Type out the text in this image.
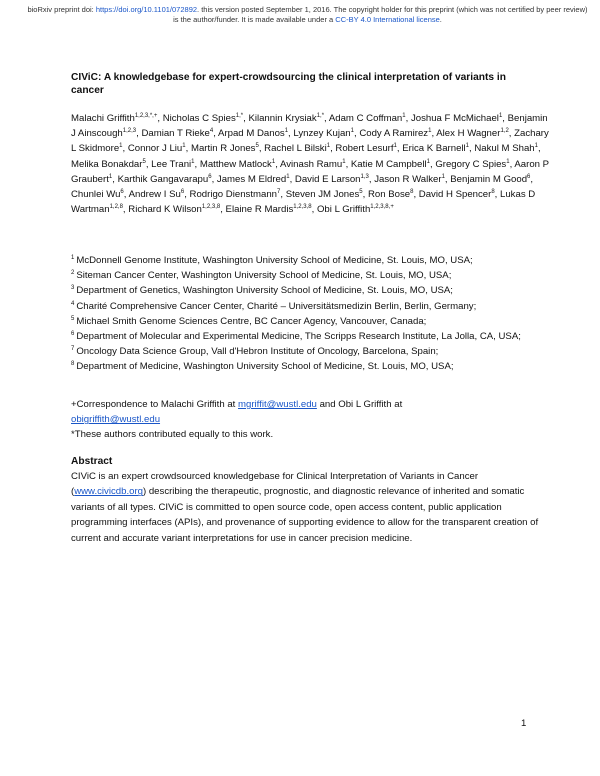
bioRxiv preprint doi: https://doi.org/10.1101/072892. this version posted September 1, 2016. The copyright holder for this preprint (which was not certified by peer review) is the author/funder. It is made available under a CC-BY 4.0 International license.
CIViC: A knowledgebase for expert-crowdsourcing the clinical interpretation of variants in cancer
Malachi Griffith$^{1,2,3,*,+}$, Nicholas C Spies$^{1,*}$, Kilannin Krysiak$^{1,*}$, Adam C Coffman$^1$, Joshua F McMichael$^1$, Benjamin J Ainscough$^{1,2,3}$, Damian T Rieke$^4$, Arpad M Danos$^1$, Lynzey Kujan$^1$, Cody A Ramirez$^1$, Alex H Wagner$^{1,2}$, Zachary L Skidmore$^1$, Connor J Liu$^1$, Martin R Jones$^5$, Rachel L Bilski$^1$, Robert Lesurf$^1$, Erica K Barnell$^1$, Nakul M Shah$^1$, Melika Bonakdar$^5$, Lee Trani$^1$, Matthew Matlock$^1$, Avinash Ramu$^1$, Katie M Campbell$^1$, Gregory C Spies$^1$, Aaron P Graubert$^1$, Karthik Gangavarapu$^6$, James M Eldred$^1$, David E Larson$^{1,3}$, Jason R Walker$^1$, Benjamin M Good$^6$, Chunlei Wu$^6$, Andrew I Su$^6$, Rodrigo Dienstmann$^7$, Steven JM Jones$^5$, Ron Bose$^8$, David H Spencer$^8$, Lukas D Wartman$^{1,2,8}$, Richard K Wilson$^{1,2,3,8}$, Elaine R Mardis$^{1,2,3,8}$, Obi L Griffith$^{1,2,3,8,+}$
$^1$ McDonnell Genome Institute, Washington University School of Medicine, St. Louis, MO, USA;
$^2$ Siteman Cancer Center, Washington University School of Medicine, St. Louis, MO, USA;
$^3$ Department of Genetics, Washington University School of Medicine, St. Louis, MO, USA;
$^4$ Charité Comprehensive Cancer Center, Charité – Universitätsmedizin Berlin, Berlin, Germany;
$^5$ Michael Smith Genome Sciences Centre, BC Cancer Agency, Vancouver, Canada;
$^6$ Department of Molecular and Experimental Medicine, The Scripps Research Institute, La Jolla, CA, USA;
$^7$ Oncology Data Science Group, Vall d'Hebron Institute of Oncology, Barcelona, Spain;
$^8$ Department of Medicine, Washington University School of Medicine, St. Louis, MO, USA;
+Correspondence to Malachi Griffith at mgriffit@wustl.edu and Obi L Griffith at
obigriffith@wustl.edu
*These authors contributed equally to this work.
Abstract
CIViC is an expert crowdsourced knowledgebase for Clinical Interpretation of Variants in Cancer (www.civicdb.org) describing the therapeutic, prognostic, and diagnostic relevance of inherited and somatic variants of all types. CIViC is committed to open source code, open access content, public application programming interfaces (APIs), and provenance of supporting evidence to allow for the transparent creation of current and accurate variant interpretations for use in cancer precision medicine.
1
